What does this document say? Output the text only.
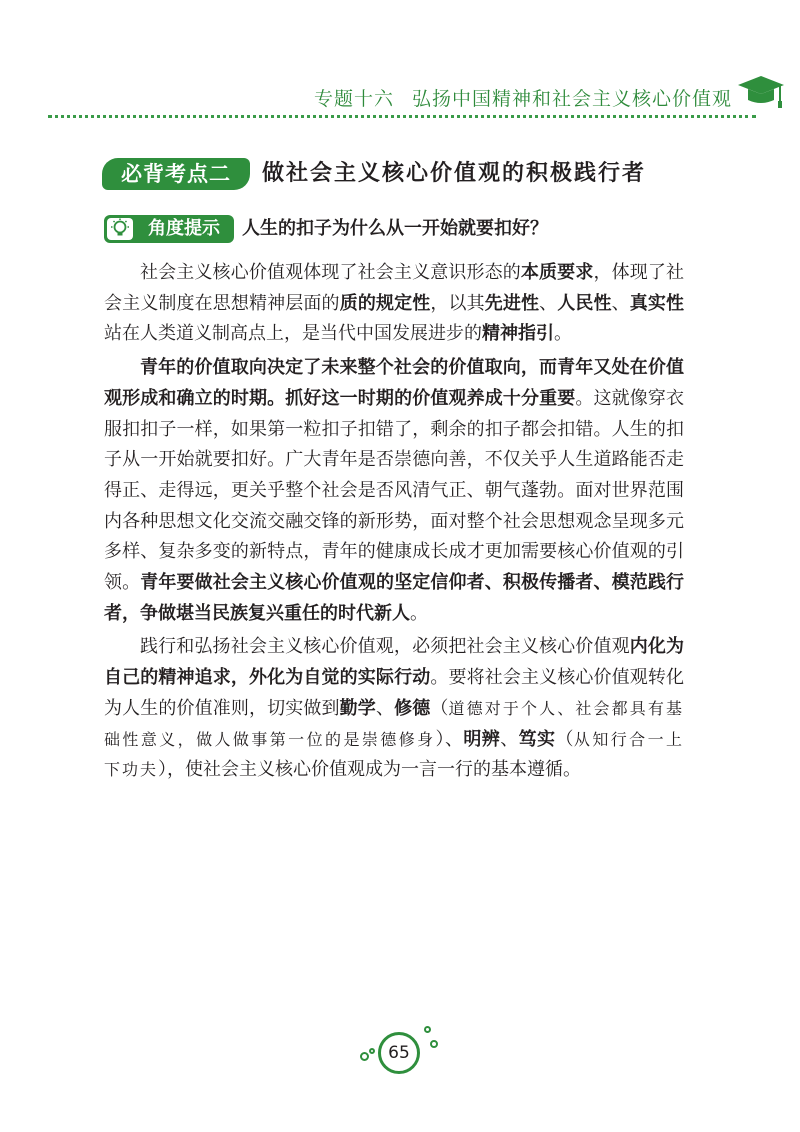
专题十六 弘扬中国精神和社会主义核心价值观
必背考点二	做社会主义核心价值观的积极践行者
角度提示	人生的扣子为什么从一开始就要扣好？

社会主义核心价值观体现了社会主义意识形态的本质要求，体现了社会主义制度在思想精神层面的质的规定性，以其先进性、人民性、真实性站在人类道义制高点上，是当代中国发展进步的精神指引。

青年的价值取向决定了未来整个社会的价值取向，而青年又处在价值观形成和确立的时期。抓好这一时期的价值观养成十分重要。这就像穿衣服扣扣子一样，如果第一粒扣子扣错了，剩余的扣子都会扣错。人生的扣子从一开始就要扣好。广大青年是否崇德向善，不仅关乎人生道路能否走得正、走得远，更关乎整个社会是否风清气正、朝气蓬勃。面对世界范围内各种思想文化交流交融交锋的新形势，面对整个社会思想观念呈现多元多样、复杂多变的新特点，青年的健康成长成才更加需要核心价值观的引领。青年要做社会主义核心价值观的坚定信仰者、积极传播者、模范践行者，争做堪当民族复兴重任的时代新人。

践行和弘扬社会主义核心价值观，必须把社会主义核心价值观内化为自己的精神追求，外化为自觉的实际行动。要将社会主义核心价值观转化为人生的价值准则，切实做到勤学、修德（道德对于个人、社会都具有基础性意义，做人做事第一位的是崇德修身）、明辨、笃实（从知行合一上下功夫），使社会主义核心价值观成为一言一行的基本遵循。

65
